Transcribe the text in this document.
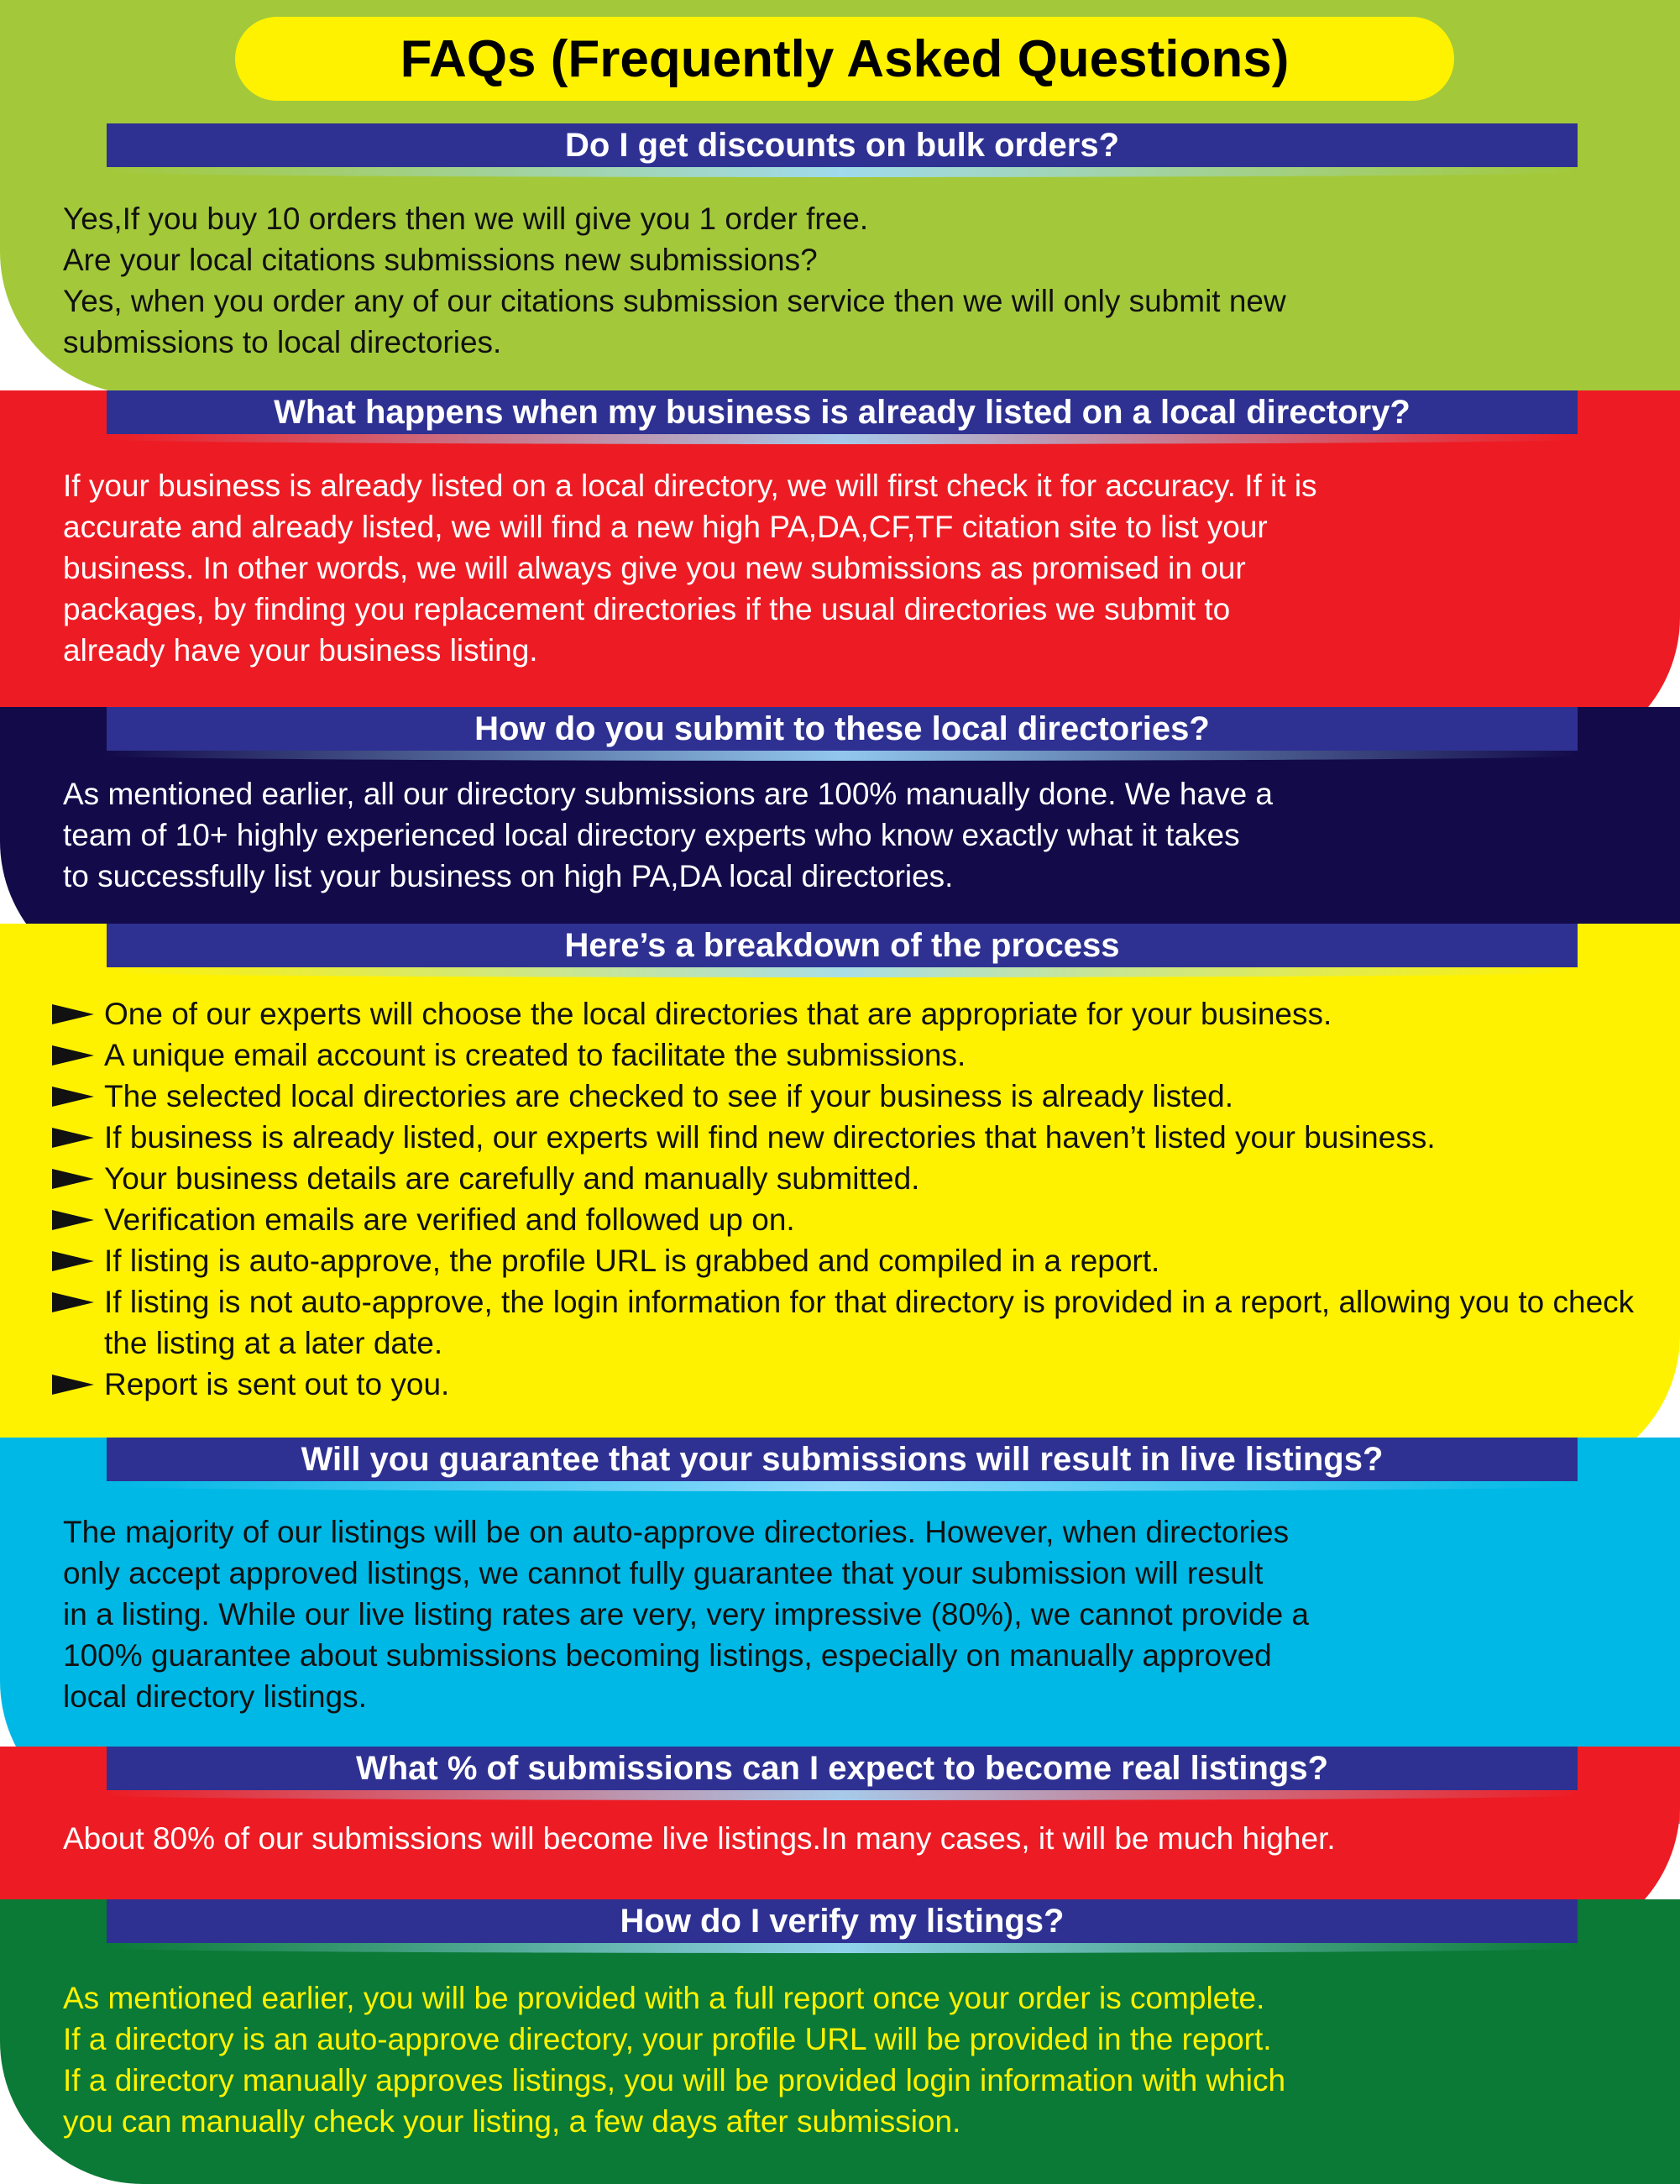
FAQs (Frequently Asked Questions)
Do I get discounts on bulk orders?

Yes,If you buy 10 orders then we will give you 1 order free.

Are your local citations submissions new submissions?

Yes, when you order any of our citations submission service then we will only submit new

submissions to local directories.

What happens when my business is already listed on a local directory?

If your business is already listed on a local directory, we will first check it for accuracy. If it is

accurate and already listed, we will find a new high PA,DA,CF,TF citation site to list your

business. In other words, we will always give you new submissions as promised in our

packages, by finding you replacement directories if the usual directories we submit to

already have your business listing.

How do you submit to these local directories?

As mentioned earlier, all our directory submissions are 100% manually done. We have a

team of 10+ highly experienced local directory experts who know exactly what it takes

to successfully list your business on high PA,DA local directories.

Here’s a breakdown of the process
One of our experts will choose the local directories that are appropriate for your business.
A unique email account is created to facilitate the submissions.
The selected local directories are checked to see if your business is already listed.
If business is already listed, our experts will find new directories that haven’t listed your business.
Your business details are carefully and manually submitted.
Verification emails are verified and followed up on.
If listing is auto-approve, the profile URL is grabbed and compiled in a report.
If listing is not auto-approve, the login information for that directory is provided in a report, allowing you to check the listing at a later date.
Report is sent out to you.
Will you guarantee that your submissions will result in live listings?

The majority of our listings will be on auto-approve directories. However, when directories

only accept approved listings, we cannot fully guarantee that your submission will result

in a listing. While our live listing rates are very, very impressive (80%), we cannot provide a

100% guarantee about submissions becoming listings, especially on manually approved

local directory listings.

What % of submissions can I expect to become real listings?

About 80% of our submissions will become live listings.In many cases, it will be much higher.

How do I verify my listings?

As mentioned earlier, you will be provided with a full report once your order is complete.

If a directory is an auto-approve directory, your profile URL will be provided in the report.

If a directory manually approves listings, you will be provided login information with which

you can manually check your listing, a few days after submission.
